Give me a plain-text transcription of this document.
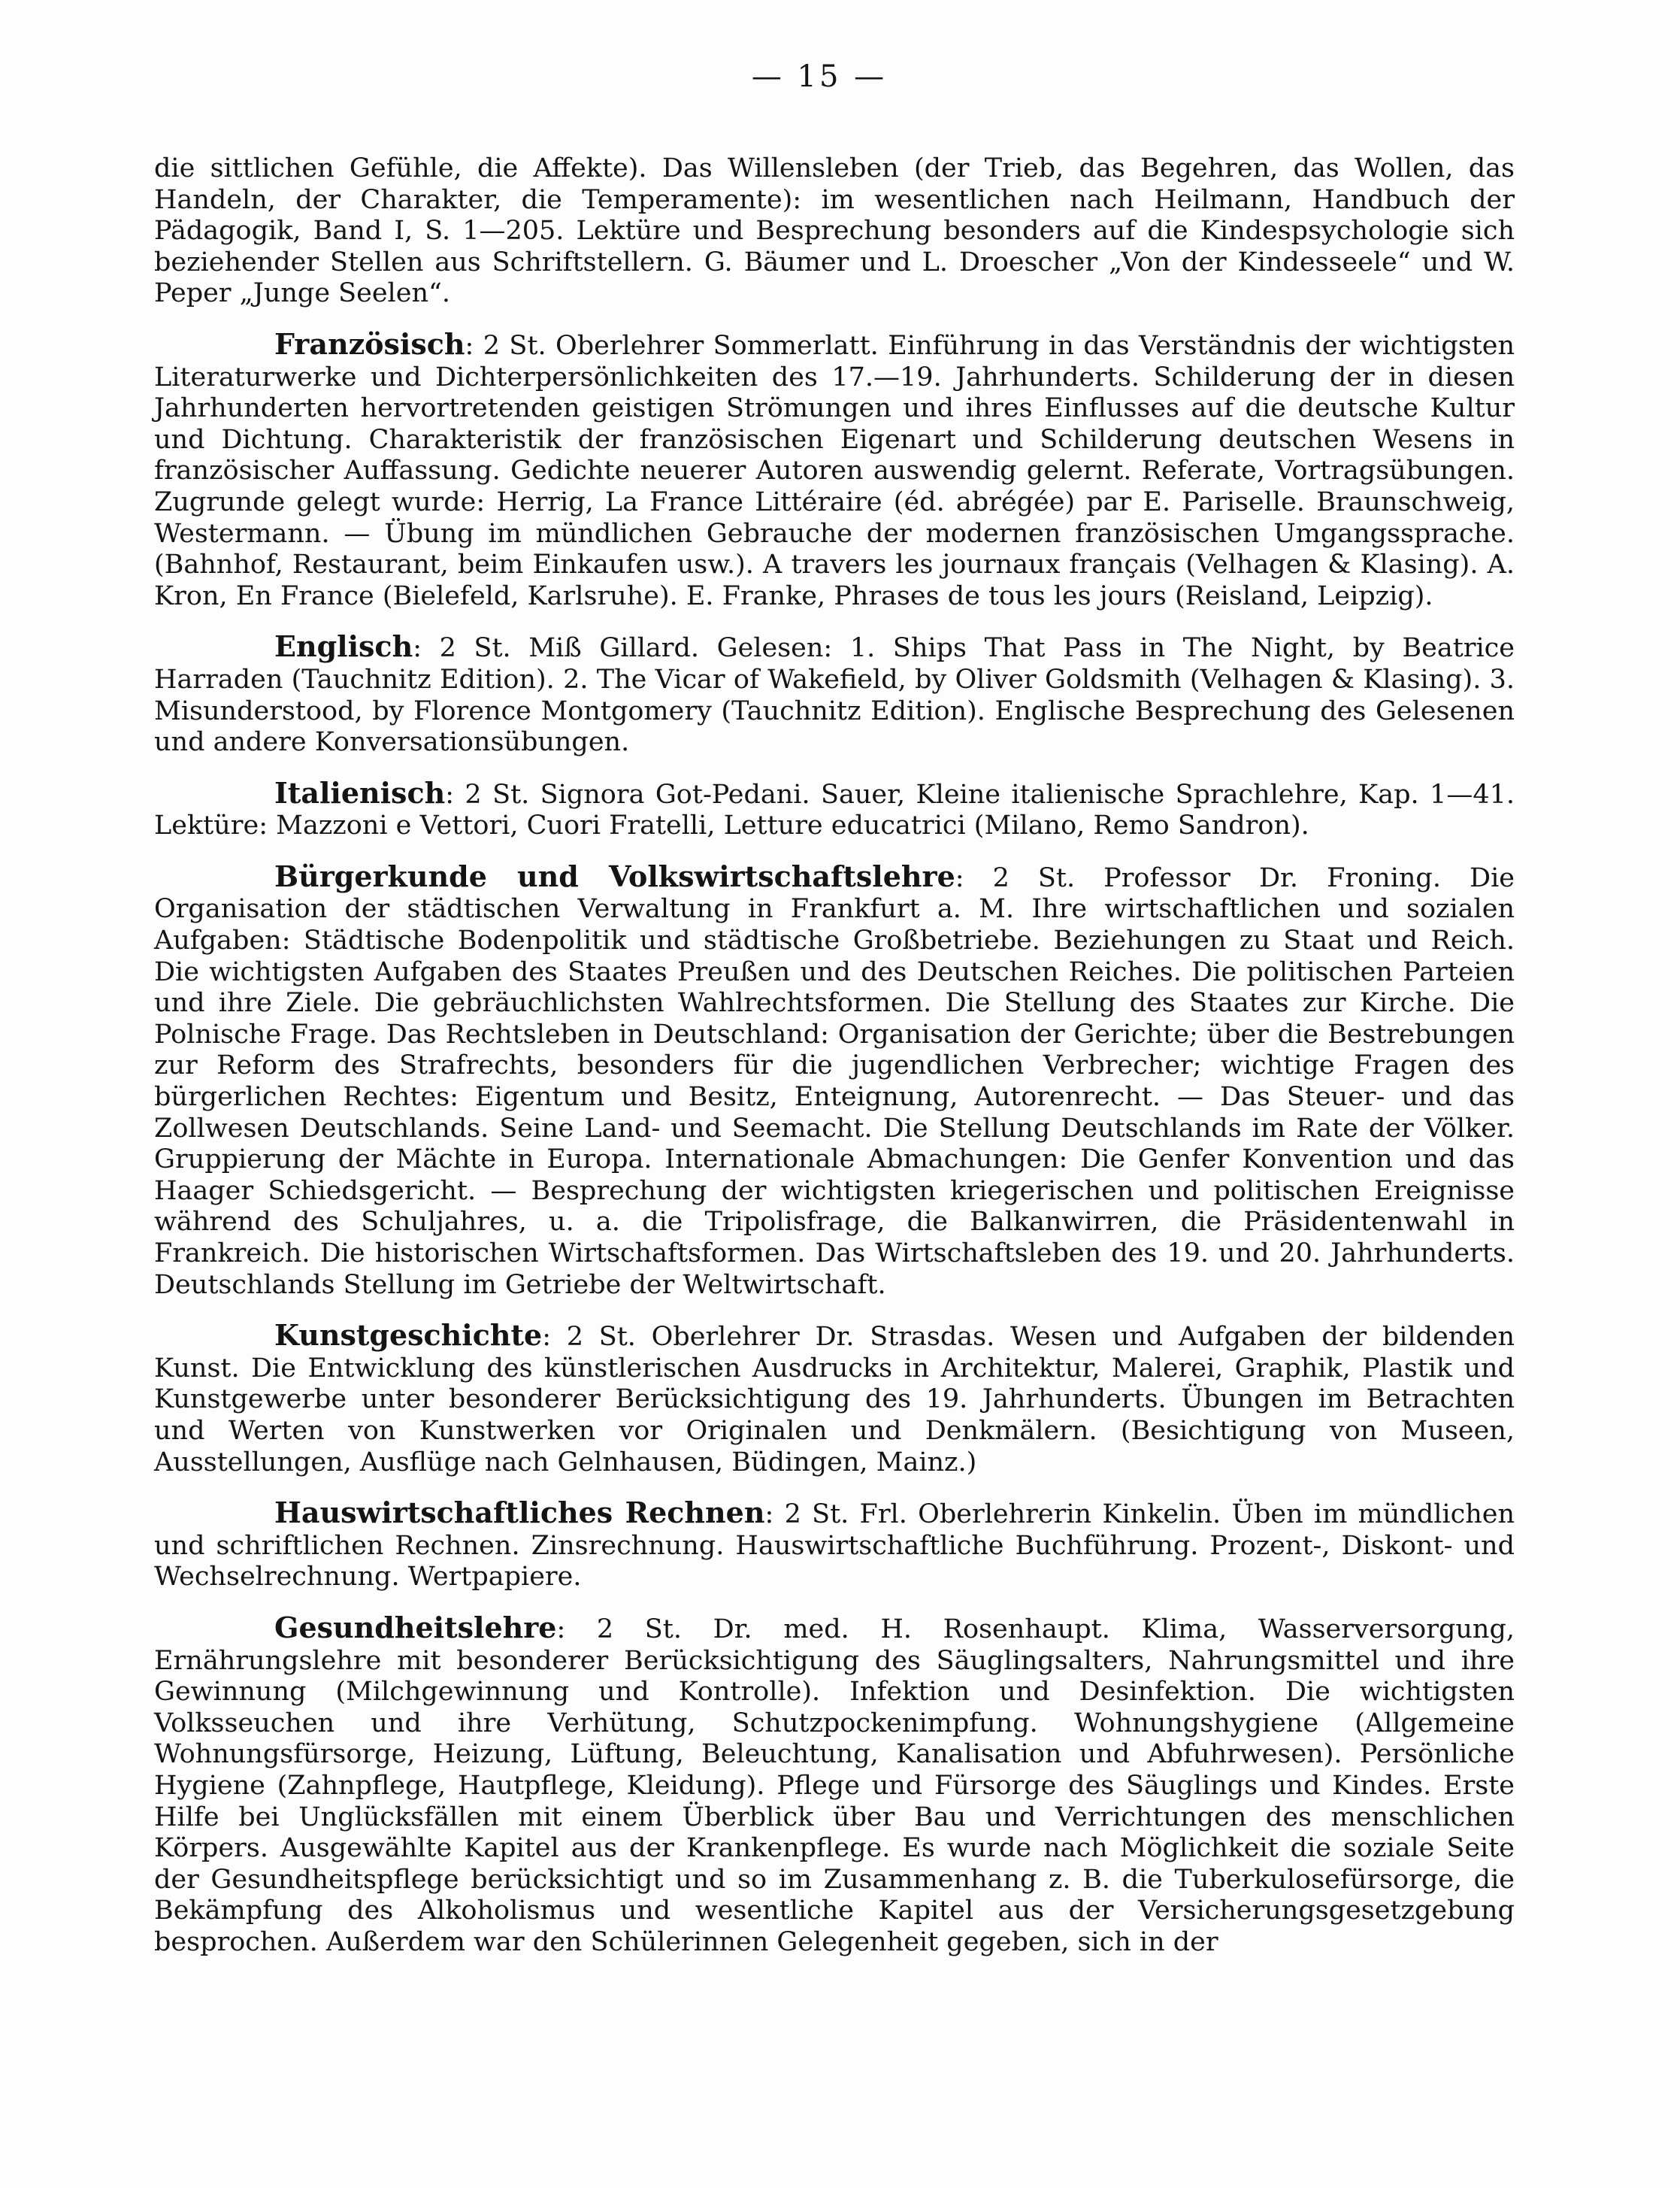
— 15 —

die sittlichen Gefühle, die Affekte). Das Willensleben (der Trieb, das Begehren, das Wollen, das Handeln, der Charakter, die Temperamente): im wesentlichen nach Heilmann, Handbuch der Pädagogik, Band I, S. 1—205. Lektüre und Besprechung besonders auf die Kindespsychologie sich beziehender Stellen aus Schriftstellern. G. Bäumer und L. Droescher „Von der Kindesseele“ und W. Peper „Junge Seelen“.

Französisch: 2 St. Oberlehrer Sommerlatt. Einführung in das Verständnis der wichtigsten Literaturwerke und Dichterpersönlichkeiten des 17.—19. Jahrhunderts. Schilderung der in diesen Jahrhunderten hervortretenden geistigen Strömungen und ihres Einflusses auf die deutsche Kultur und Dichtung. Charakteristik der französischen Eigenart und Schilderung deutschen Wesens in französischer Auffassung. Gedichte neuerer Autoren auswendig gelernt. Referate, Vortragsübungen. Zugrunde gelegt wurde: Herrig, La France Littéraire (éd. abrégée) par E. Pariselle. Braunschweig, Westermann. — Übung im mündlichen Gebrauche der modernen französischen Umgangssprache. (Bahnhof, Restaurant, beim Einkaufen usw.). A travers les journaux français (Velhagen & Klasing). A. Kron, En France (Bielefeld, Karlsruhe). E. Franke, Phrases de tous les jours (Reisland, Leipzig).

Englisch: 2 St. Miß Gillard. Gelesen: 1. Ships That Pass in The Night, by Beatrice Harraden (Tauchnitz Edition). 2. The Vicar of Wakefield, by Oliver Goldsmith (Velhagen & Klasing). 3. Misunderstood, by Florence Montgomery (Tauchnitz Edition). Englische Besprechung des Gelesenen und andere Konversationsübungen.

Italienisch: 2 St. Signora Got-Pedani. Sauer, Kleine italienische Sprachlehre, Kap. 1—41. Lektüre: Mazzoni e Vettori, Cuori Fratelli, Letture educatrici (Milano, Remo Sandron).

Bürgerkunde und Volkswirtschaftslehre: 2 St. Professor Dr. Froning. Die Organisation der städtischen Verwaltung in Frankfurt a. M. Ihre wirtschaftlichen und sozialen Aufgaben: Städtische Bodenpolitik und städtische Großbetriebe. Beziehungen zu Staat und Reich. Die wichtigsten Aufgaben des Staates Preußen und des Deutschen Reiches. Die politischen Parteien und ihre Ziele. Die gebräuchlichsten Wahlrechtsformen. Die Stellung des Staates zur Kirche. Die Polnische Frage. Das Rechtsleben in Deutschland: Organisation der Gerichte; über die Bestrebungen zur Reform des Strafrechts, besonders für die jugendlichen Verbrecher; wichtige Fragen des bürgerlichen Rechtes: Eigentum und Besitz, Enteignung, Autorenrecht. — Das Steuer- und das Zollwesen Deutschlands. Seine Land- und Seemacht. Die Stellung Deutschlands im Rate der Völker. Gruppierung der Mächte in Europa. Internationale Abmachungen: Die Genfer Konvention und das Haager Schiedsgericht. — Besprechung der wichtigsten kriegerischen und politischen Ereignisse während des Schuljahres, u. a. die Tripolisfrage, die Balkanwirren, die Präsidentenwahl in Frankreich. Die historischen Wirtschaftsformen. Das Wirtschaftsleben des 19. und 20. Jahrhunderts. Deutschlands Stellung im Getriebe der Weltwirtschaft.

Kunstgeschichte: 2 St. Oberlehrer Dr. Strasdas. Wesen und Aufgaben der bildenden Kunst. Die Entwicklung des künstlerischen Ausdrucks in Architektur, Malerei, Graphik, Plastik und Kunstgewerbe unter besonderer Berücksichtigung des 19. Jahrhunderts. Übungen im Betrachten und Werten von Kunstwerken vor Originalen und Denkmälern. (Besichtigung von Museen, Ausstellungen, Ausflüge nach Gelnhausen, Büdingen, Mainz.)

Hauswirtschaftliches Rechnen: 2 St. Frl. Oberlehrerin Kinkelin. Üben im mündlichen und schriftlichen Rechnen. Zinsrechnung. Hauswirtschaftliche Buchführung. Prozent-, Diskont- und Wechselrechnung. Wertpapiere.

Gesundheitslehre: 2 St. Dr. med. H. Rosenhaupt. Klima, Wasserversorgung, Ernährungslehre mit besonderer Berücksichtigung des Säuglingsalters, Nahrungsmittel und ihre Gewinnung (Milchgewinnung und Kontrolle). Infektion und Desinfektion. Die wichtigsten Volksseuchen und ihre Verhütung, Schutzpockenimpfung. Wohnungshygiene (Allgemeine Wohnungsfürsorge, Heizung, Lüftung, Beleuchtung, Kanalisation und Abfuhrwesen). Persönliche Hygiene (Zahnpflege, Hautpflege, Kleidung). Pflege und Fürsorge des Säuglings und Kindes. Erste Hilfe bei Unglücksfällen mit einem Überblick über Bau und Verrichtungen des menschlichen Körpers. Ausgewählte Kapitel aus der Krankenpflege. Es wurde nach Möglichkeit die soziale Seite der Gesundheitspflege berücksichtigt und so im Zusammenhang z. B. die Tuberkulosefürsorge, die Bekämpfung des Alkoholismus und wesentliche Kapitel aus der Versicherungsgesetzgebung besprochen. Außerdem war den Schülerinnen Gelegenheit gegeben, sich in der
